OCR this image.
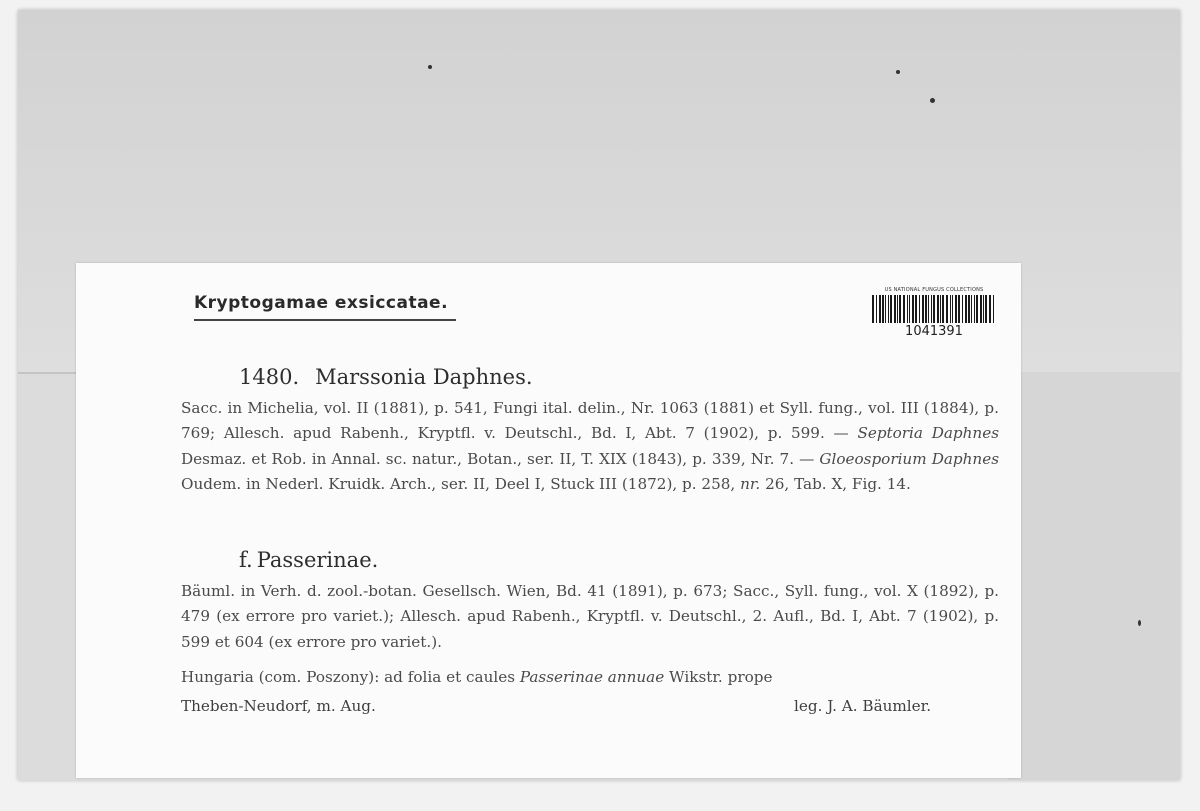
Kryptogamae exsiccatae.
US NATIONAL FUNGUS COLLECTIONS
1041391
1480. Marssonia Daphnes.
Sacc. in Michelia, vol. II (1881), p. 541, Fungi ital. delin., Nr. 1063 (1881) et Syll. fung., vol. III (1884), p. 769; Allesch. apud Rabenh., Kryptfl. v. Deutschl., Bd. I, Abt. 7 (1902), p. 599. — Septoria Daphnes Desmaz. et Rob. in Annal. sc. natur., Botan., ser. II, T. XIX (1843), p. 339, Nr. 7. — Gloeosporium Daphnes Oudem. in Nederl. Kruidk. Arch., ser. II, Deel I, Stuck III (1872), p. 258, nr. 26, Tab. X, Fig. 14.
f. Passerinae.
Bäuml. in Verh. d. zool.-botan. Gesellsch. Wien, Bd. 41 (1891), p. 673; Sacc., Syll. fung., vol. X (1892), p. 479 (ex errore pro variet.); Allesch. apud Rabenh., Kryptfl. v. Deutschl., 2. Aufl., Bd. I, Abt. 7 (1902), p. 599 et 604 (ex errore pro variet.).
Hungaria (com. Poszony): ad folia et caules Passerinae annuae Wikstr. prope
Theben-Neudorf, m. Aug.	leg. J. A. Bäumler.
